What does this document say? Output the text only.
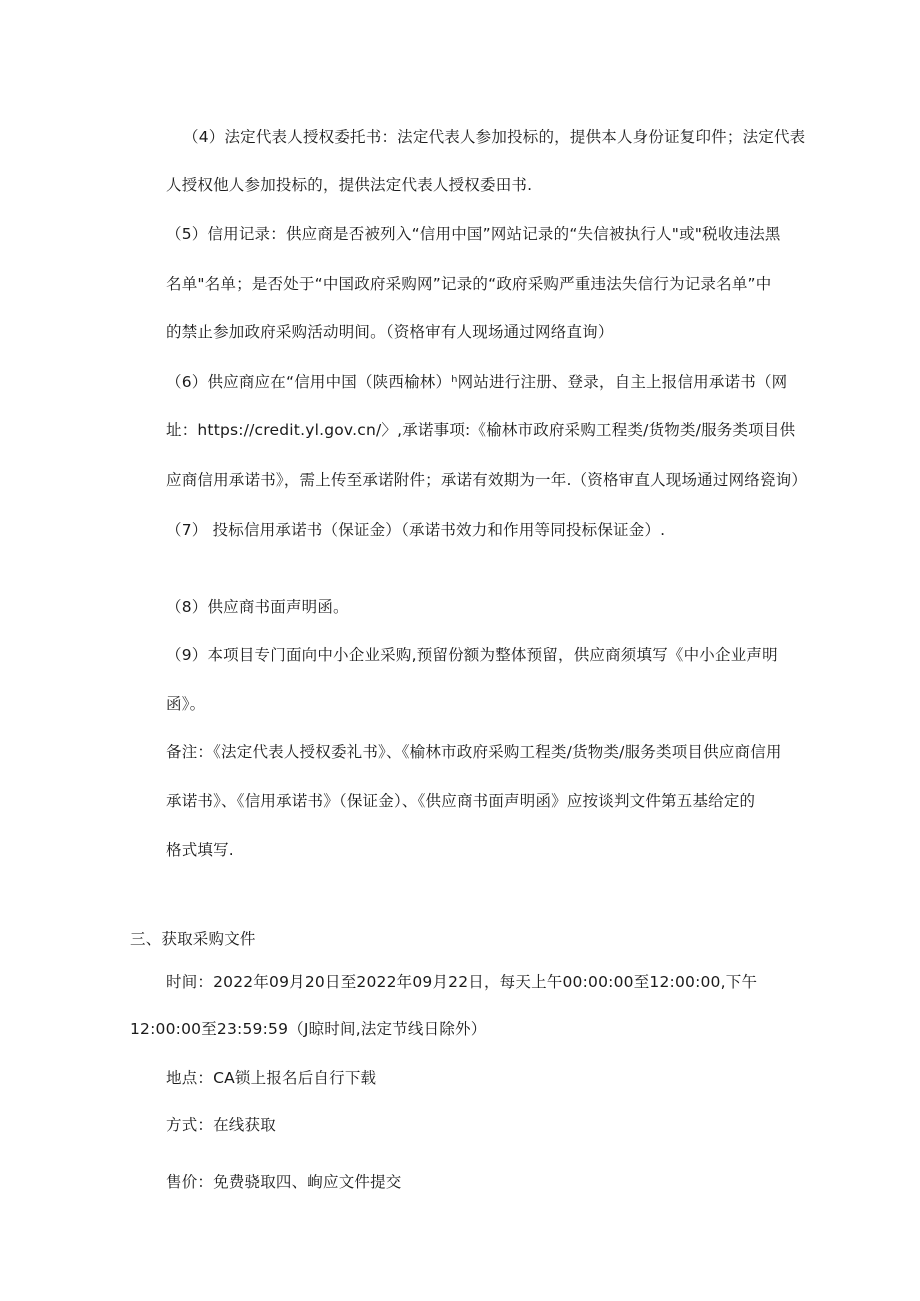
（4）法定代表人授权委托书：法定代表人参加投标的，提供本人身份证复印件；法定代表
人授权他人参加投标的，提供法定代表人授权委田书.
（5）信用记录：供应商是否被列入“信用中国”网站记录的“失信被执行人"或"税收违法黑
名单"名单；是否处于“中国政府采购网”记录的“政府采购严重违法失信行为记录名单”中
的禁止参加政府采购活动明间。（资格审有人现场通过网络直询）
（6）供应商应在“信用中国（陕西榆林）ʰ网站进行注册、登录，自主上报信用承诺书（网
址：https://credit.yl.gov.cn/〉,承诺事项:《榆林市政府采购工程类/货物类/服务类项目供
应商信用承诺书》，需上传至承诺附件；承诺有效期为一年.（资格审直人现场通过网络瓷询）
（7） 投标信用承诺书（保证金）（承诺书效力和作用等同投标保证金）.
（8）供应商书面声明函。
（9）本项目专门面向中小企业采购,预留份额为整体预留，供应商须填写《中小企业声明
函》。
备注：《法定代表人授权委礼书》、《榆林市政府采购工程类/货物类/服务类项目供应商信用
承诺书》、《信用承诺书》（保证金）、《供应商书面声明函》应按谈判文件第五基给定的
格式填写.
三、获取采购文件
时间：2022年09月20日至2022年09月22日，每天上午00:00:00至12:00:00,下午
12:00:00至23:59:59（J晾时间,法定节线日除外）
地点：CA锁上报名后自行下载
方式：在线获取
售价：免费骁取四、峋应文件提交
